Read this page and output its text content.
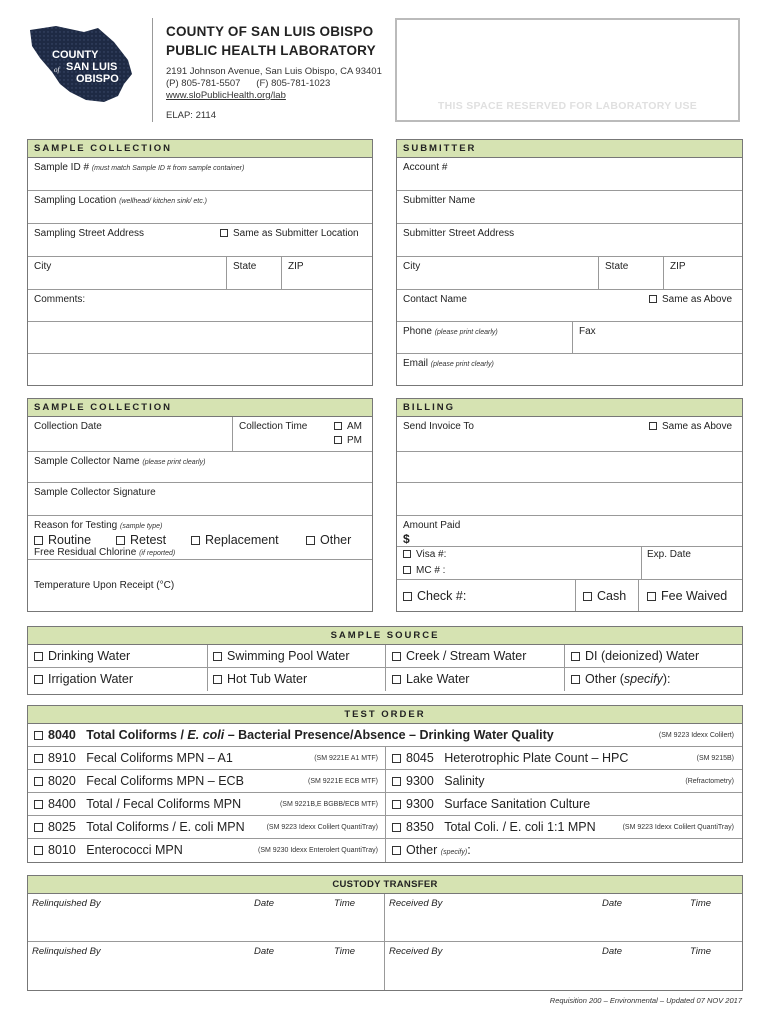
COUNTY
of SAN LUIS
OBISPO
COUNTY OF SAN LUIS OBISPO
PUBLIC HEALTH LABORATORY
2191 Johnson Avenue, San Luis Obispo, CA 93401
(P) 805-781-5507      (F) 805-781-1023
www.sloPublicHealth.org/lab
ELAP: 2114
THIS SPACE RESERVED FOR LABORATORY USE
SAMPLE COLLECTION
Sample ID # (must match Sample ID # from sample container)
Sampling Location (wellhead/ kitchen sink/ etc.)
Sampling Street Address	Same as Submitter Location
City	State	ZIP
Comments:
SUBMITTER
Account #
Submitter Name
Submitter Street Address
City	State	ZIP
Contact Name	Same as Above
Phone (please print clearly)	Fax
Email (please print clearly)
SAMPLE COLLECTION
Collection Date	Collection Time	AM
PM
Sample Collector Name (please print clearly)
Sample Collector Signature
Reason for Testing (sample type)
Routine	Retest	Replacement	Other
Free Residual Chlorine (if reported)
Temperature Upon Receipt (°C)
BILLING
Send Invoice To	Same as Above
Amount Paid
$
Visa #:
MC # :
Exp. Date
Check #:	Cash	Fee Waived
SAMPLE SOURCE
Drinking Water	Swimming Pool Water	Creek / Stream Water	DI (deionized) Water
Irrigation Water	Hot Tub Water	Lake Water	Other (specify):
TEST ORDER
8040 Total Coliforms / E. coli – Bacterial Presence/Absence – Drinking Water Quality	(SM 9223 Idexx Colilert)
8910 Fecal Coliforms MPN – A1	(SM 9221E A1 MTF)	8045 Heterotrophic Plate Count – HPC	(SM 9215B)
8020 Fecal Coliforms MPN – ECB	(SM 9221E ECB MTF)	9300 Salinity	(Refractometry)
8400 Total / Fecal Coliforms MPN	(SM 9221B,E BGBB/ECB MTF)	9300 Surface Sanitation Culture
8025 Total Coliforms / E. coli MPN	(SM 9223 Idexx Colilert QuantiTray)	8350 Total Coli. / E. coli 1:1 MPN	(SM 9223 Idexx Colilert QuantiTray)
8010 Enterococci MPN	(SM 9230 Idexx Enterolert QuantiTray)	Other (specify):
CUSTODY TRANSFER
Relinquished By	Date	Time	Received By	Date	Time
Relinquished By	Date	Time	Received By	Date	Time
Requisition 200 – Environmental – Updated 07 NOV 2017
